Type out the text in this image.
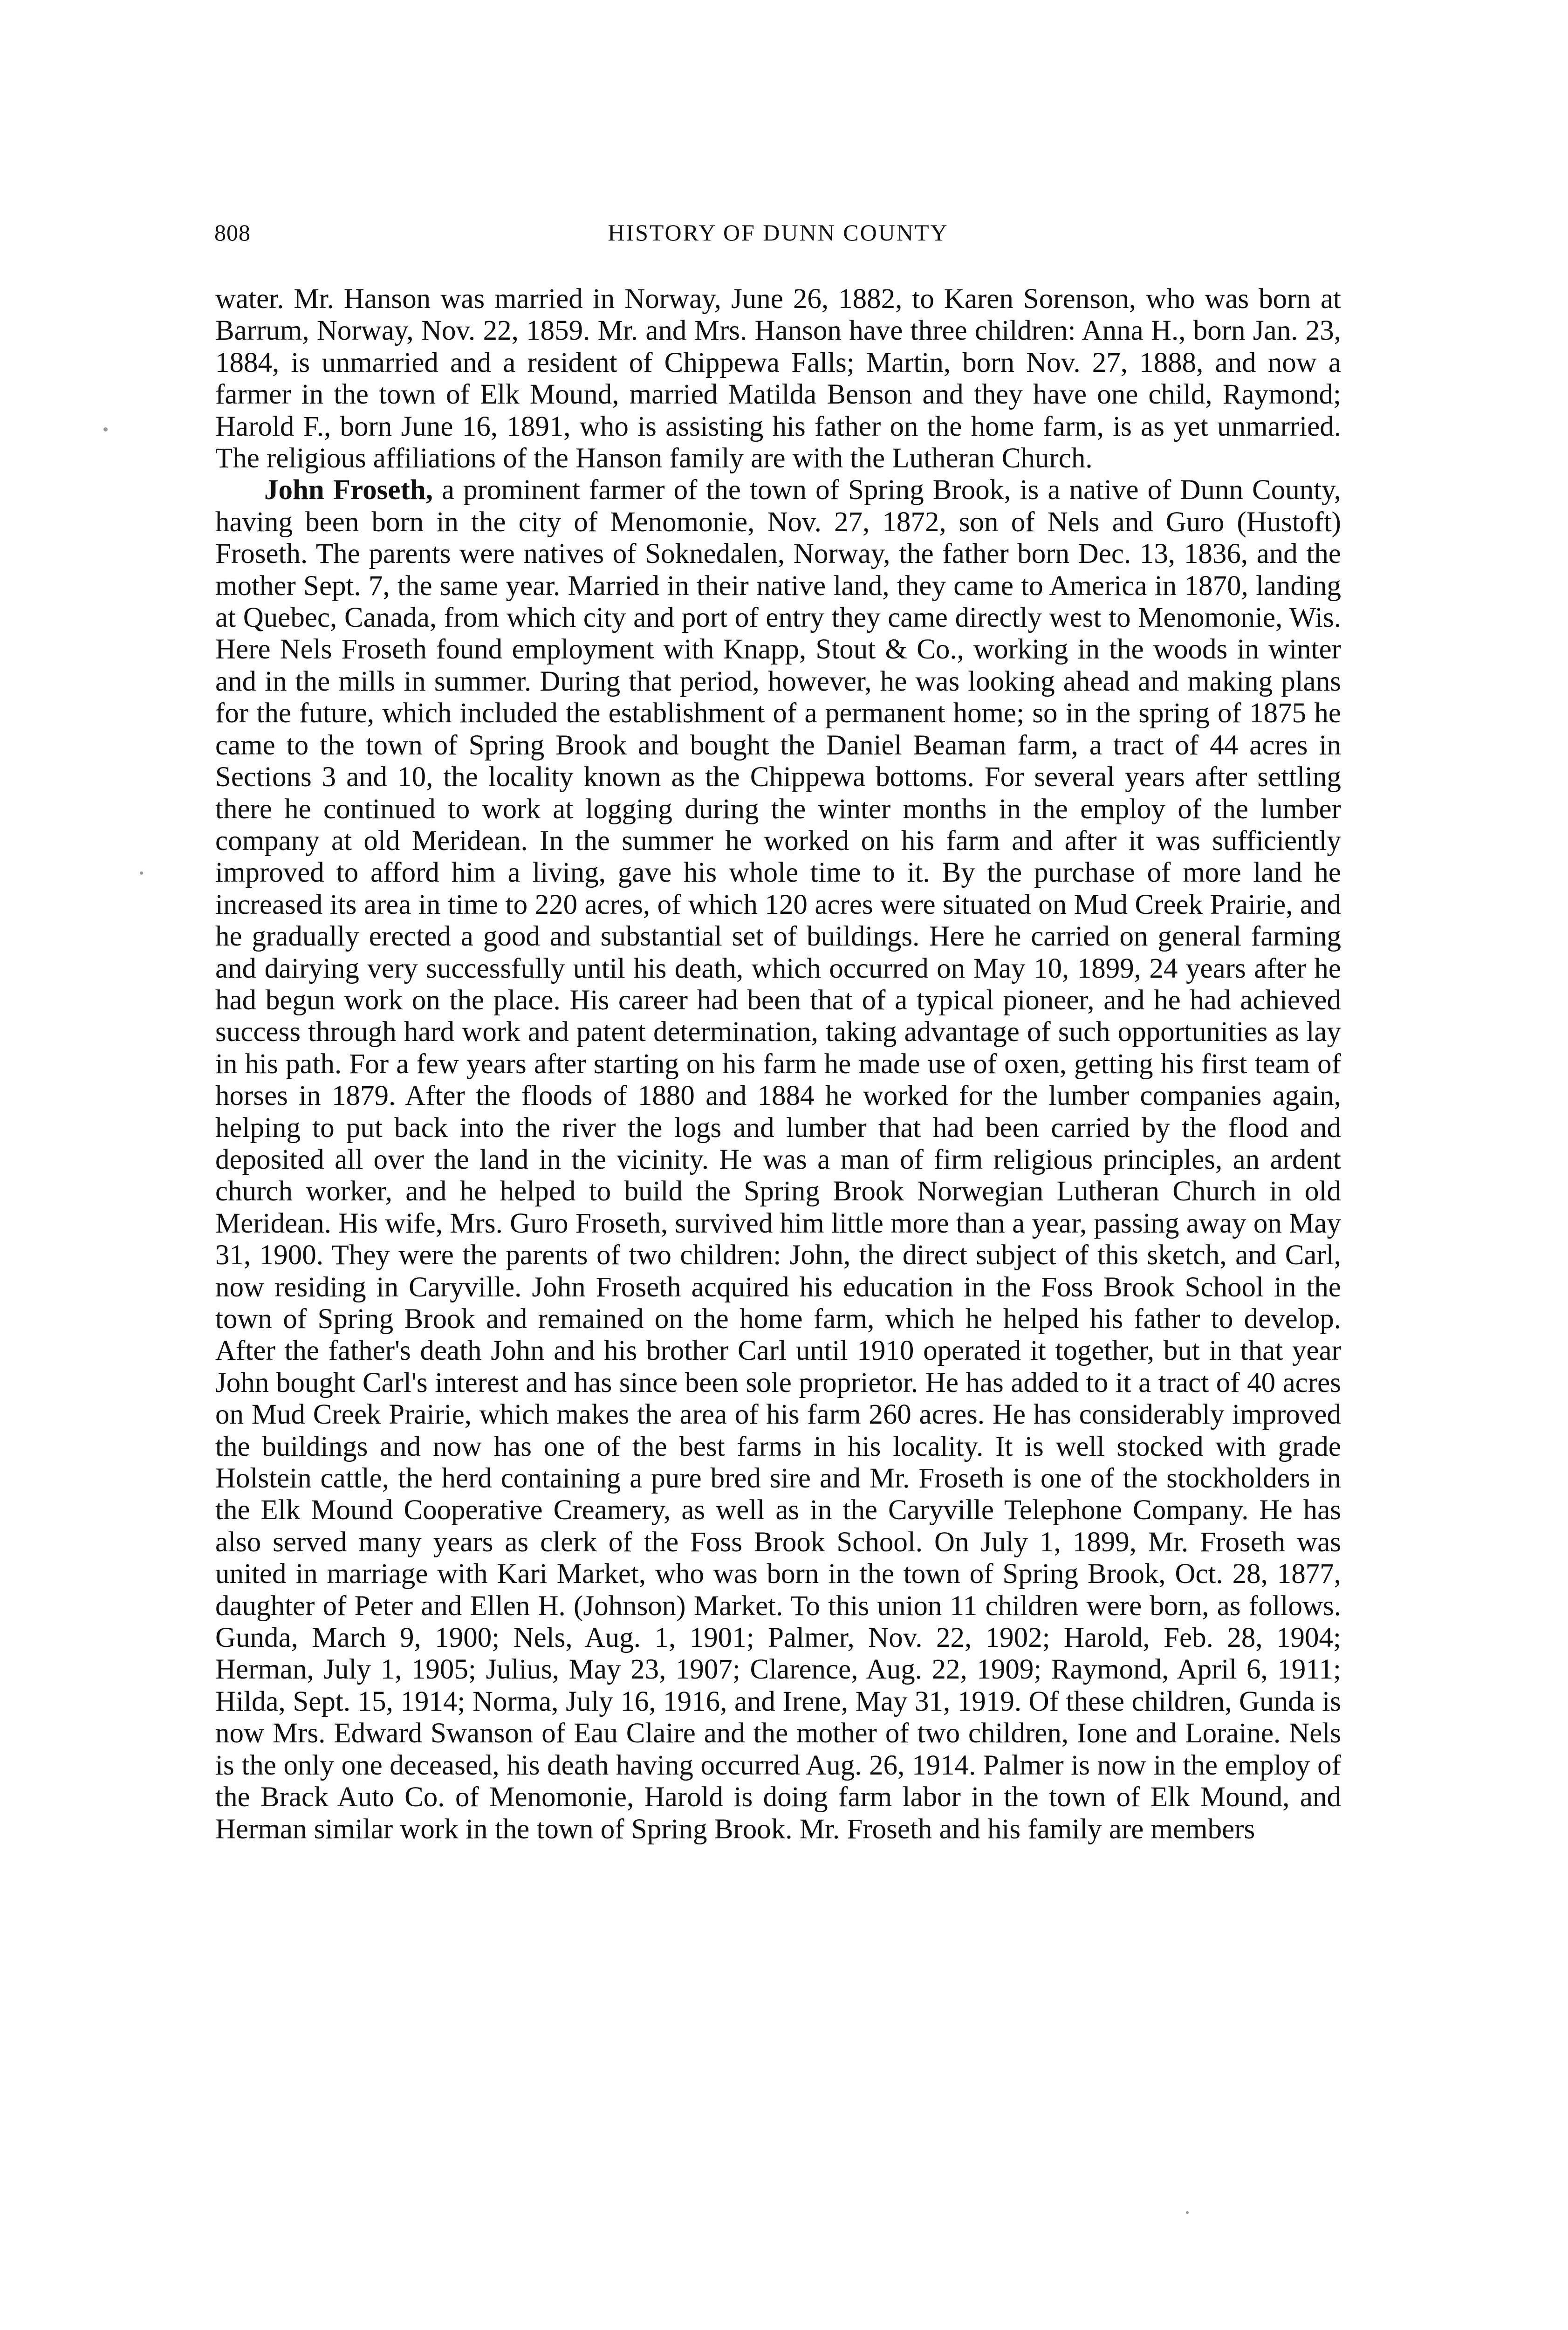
808	HISTORY OF DUNN COUNTY

water. Mr. Hanson was married in Norway, June 26, 1882, to Karen Sorenson, who was born at Barrum, Norway, Nov. 22, 1859. Mr. and Mrs. Hanson have three children: Anna H., born Jan. 23, 1884, is unmarried and a resident of Chippewa Falls; Martin, born Nov. 27, 1888, and now a farmer in the town of Elk Mound, married Matilda Benson and they have one child, Raymond; Harold F., born June 16, 1891, who is assisting his father on the home farm, is as yet unmarried. The religious affiliations of the Hanson family are with the Lutheran Church.

John Froseth, a prominent farmer of the town of Spring Brook, is a native of Dunn County, having been born in the city of Menomonie, Nov. 27, 1872, son of Nels and Guro (Hustoft) Froseth. The parents were natives of Soknedalen, Norway, the father born Dec. 13, 1836, and the mother Sept. 7, the same year. Married in their native land, they came to America in 1870, landing at Quebec, Canada, from which city and port of entry they came directly west to Menomonie, Wis. Here Nels Froseth found employment with Knapp, Stout & Co., working in the woods in winter and in the mills in summer. During that period, however, he was looking ahead and making plans for the future, which included the establishment of a permanent home; so in the spring of 1875 he came to the town of Spring Brook and bought the Daniel Beaman farm, a tract of 44 acres in Sections 3 and 10, the locality known as the Chippewa bottoms. For several years after settling there he continued to work at logging during the winter months in the employ of the lumber company at old Meridean. In the summer he worked on his farm and after it was sufficiently improved to afford him a living, gave his whole time to it. By the purchase of more land he increased its area in time to 220 acres, of which 120 acres were situated on Mud Creek Prairie, and he gradually erected a good and substantial set of buildings. Here he carried on general farming and dairying very successfully until his death, which occurred on May 10, 1899, 24 years after he had begun work on the place. His career had been that of a typical pioneer, and he had achieved success through hard work and patent determination, taking advantage of such opportunities as lay in his path. For a few years after starting on his farm he made use of oxen, getting his first team of horses in 1879. After the floods of 1880 and 1884 he worked for the lumber companies again, helping to put back into the river the logs and lumber that had been carried by the flood and deposited all over the land in the vicinity. He was a man of firm religious principles, an ardent church worker, and he helped to build the Spring Brook Norwegian Lutheran Church in old Meridean. His wife, Mrs. Guro Froseth, survived him little more than a year, passing away on May 31, 1900. They were the parents of two children: John, the direct subject of this sketch, and Carl, now residing in Caryville. John Froseth acquired his education in the Foss Brook School in the town of Spring Brook and remained on the home farm, which he helped his father to develop. After the father's death John and his brother Carl until 1910 operated it together, but in that year John bought Carl's interest and has since been sole proprietor. He has added to it a tract of 40 acres on Mud Creek Prairie, which makes the area of his farm 260 acres. He has considerably improved the buildings and now has one of the best farms in his locality. It is well stocked with grade Holstein cattle, the herd containing a pure bred sire and Mr. Froseth is one of the stockholders in the Elk Mound Cooperative Creamery, as well as in the Caryville Telephone Company. He has also served many years as clerk of the Foss Brook School. On July 1, 1899, Mr. Froseth was united in marriage with Kari Market, who was born in the town of Spring Brook, Oct. 28, 1877, daughter of Peter and Ellen H. (Johnson) Market. To this union 11 children were born, as follows. Gunda, March 9, 1900; Nels, Aug. 1, 1901; Palmer, Nov. 22, 1902; Harold, Feb. 28, 1904; Herman, July 1, 1905; Julius, May 23, 1907; Clarence, Aug. 22, 1909; Raymond, April 6, 1911; Hilda, Sept. 15, 1914; Norma, July 16, 1916, and Irene, May 31, 1919. Of these children, Gunda is now Mrs. Edward Swanson of Eau Claire and the mother of two children, Ione and Loraine. Nels is the only one deceased, his death having occurred Aug. 26, 1914. Palmer is now in the employ of the Brack Auto Co. of Menomonie, Harold is doing farm labor in the town of Elk Mound, and Herman similar work in the town of Spring Brook. Mr. Froseth and his family are members
